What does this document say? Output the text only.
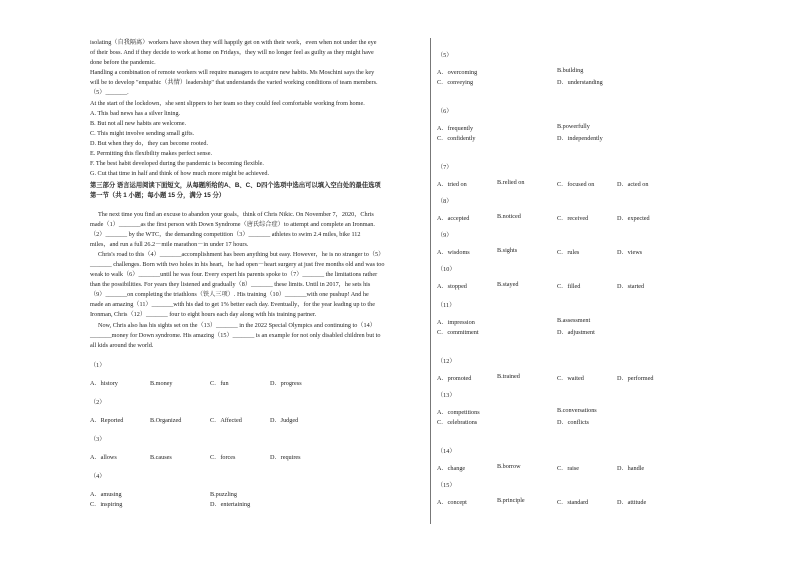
isolating（自我隔离）workers have shown they will happily get on with their work，even when not under the eye
of their boss. And if they decide to work at home on Fridays，they will no longer feel as guilty as they might have
done before the pandemic.
Handling a combination of remote workers will require managers to acquire new habits. Ms Moschini says the key
will be to develop "empathic（共情）leadership" that understands the varied working conditions of team members.
（5）_______.
At the start of the lockdown，she sent slippers to her team so they could feel comfortable working from home.
A. This bad news has a silver lining.
B. But not all new habits are welcome.
C. This might involve sending small gifts.
D. But when they do，they can become rooted.
E. Permitting this flexibility makes perfect sense.
F. The best habit developed during the pandemic is becoming flexible.
G. Cut that time in half and think of how much more might be achieved.
第三部分 语言运用阅读下面短文，从每题所给的A、B、C、D四个选项中选出可以填入空白处的最佳选项
第一节（共 1 小题；每小题 15 分，满分 15 分）
The next time you find an excuse to abandon your goals，think of Chris Nikic. On November 7，2020，Chris
made（1）_______as the first person with Down Syndrome（唐氏综合症）to attempt and complete an Ironman.
（2）_______ by the WTC，the demanding competition（3）_______ athletes to swim 2.4 miles, bike 112
miles，and run a full 26.2－mile marathon－in under 17 hours.
Chris's road to this（4）_______accomplishment has been anything but easy. However，he is no stranger to（5）
_______ challenges. Born with two holes in his heart，he had open－heart surgery at just five months old and was too
weak to walk（6）_______until he was four. Every expert his parents spoke to（7）_______ the limitations rather
than the possibilities. For years they listened and gradually（8）_______ these limits. Until in 2017，he sets his
（9）_______on completing the triathlons（铁人三项）. His training（10）_______with one pushup! And he
made an amazing（11）_______with his dad to get 1% better each day. Eventually，for the year leading up to the
Ironman, Chris（12）_______ four to eight hours each day along with his training partner.
Now, Chris also has his sights set on the（13）_______ in the 2022 Special Olympics and continuing to（14）
_______money for Down syndrome. His amazing（15）_______ is an example for not only disabled children but to
all kids around the world.
（1）
A．history	B.money	C．fun	D．progress
（2）
A．Reported	B.Organized	C．Affected	D．Judged
（3）
A．allows	B.causes	C．forces	D．requires
（4）
A．amusing	B.puzzling
C．inspiring	D．entertaining
（5）
A．overcoming	B.building
C．conveying	D．understanding
（6）
A．frequently	B.powerfully
C．confidently	D．independently
（7）
A．tried on	B.relied on	C．focused on	D．acted on
（8）
A．accepted	B.noticed	C．received	D．expected
（9）
A．wisdoms	B.sights	C．rules	D．views
（10）
A．stopped	B.stayed	C．filled	D．started
（11）
A．impression	B.assessment
C．commitment	D．adjustment
（12）
A．promoted	B.trained	C．waited	D．performed
（13）
A．competitions	B.conversations
C．celebrations	D．conflicts
（14）
A．change	B.borrow	C．raise	D．handle
（15）
A．concept	B.principle	C．standard	D．attitude
